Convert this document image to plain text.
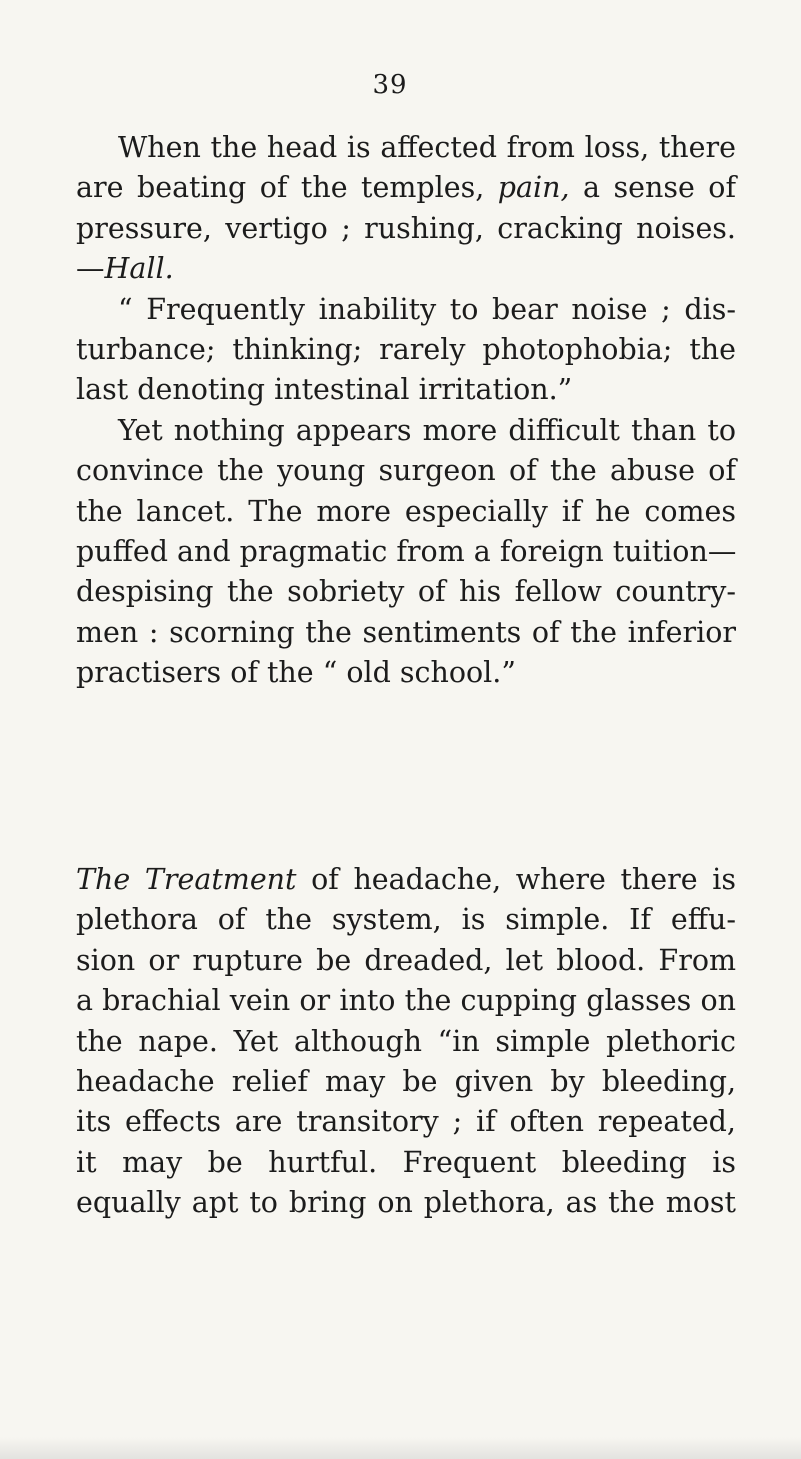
39
When the head is affected from loss, there
are beating of the temples, pain, a sense of
pressure, vertigo ; rushing, cracking noises.
—Hall.
“ Frequently inability to bear noise ; dis-
turbance; thinking; rarely photophobia; the
last denoting intestinal irritation.”
Yet nothing appears more difficult than to
convince the young surgeon of the abuse of
the lancet. The more especially if he comes
puffed and pragmatic from a foreign tuition—
despising the sobriety of his fellow country-
men : scorning the sentiments of the inferior
practisers of the “ old school.”
The Treatment of headache, where there is
plethora of the system, is simple. If effu-
sion or rupture be dreaded, let blood. From
a brachial vein or into the cupping glasses on
the nape. Yet although “in simple plethoric
headache relief may be given by bleeding,
its effects are transitory ; if often repeated,
it may be hurtful. Frequent bleeding is
equally apt to bring on plethora, as the most
